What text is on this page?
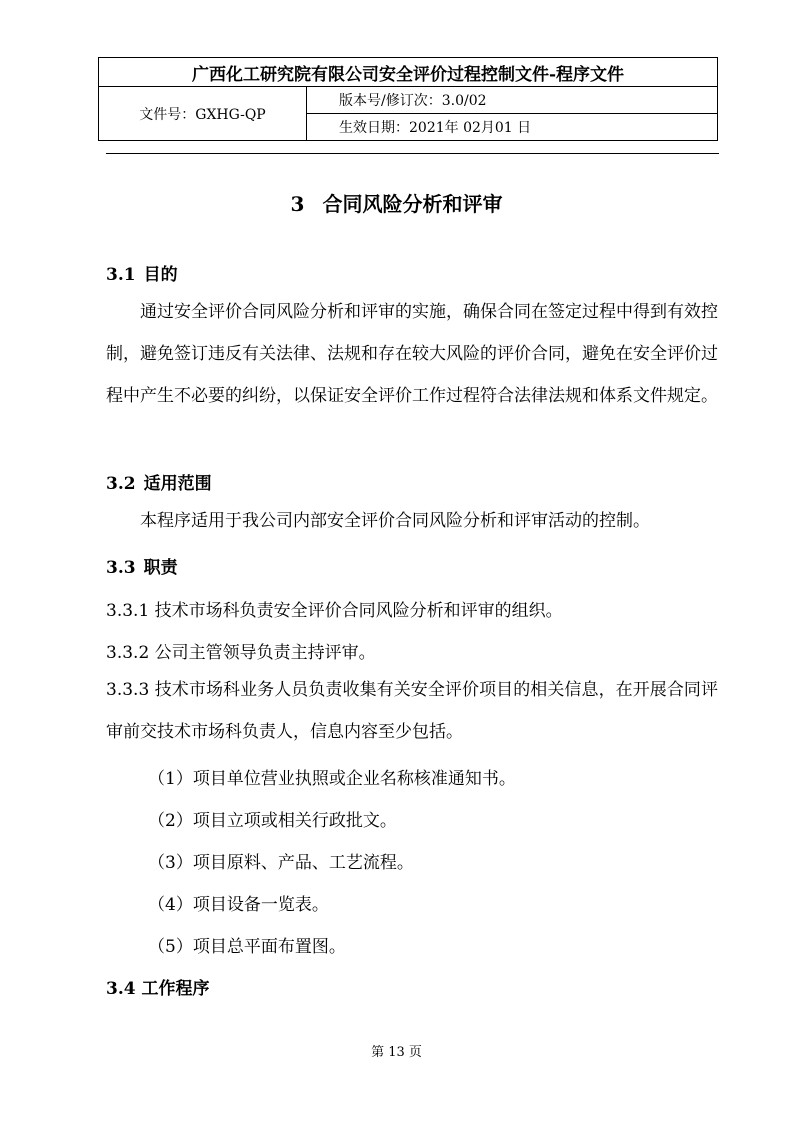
广西化工研究院有限公司安全评价过程控制文件-程序文件
文件号：GXHG-QP	版本号/修订次：3.0/02
生效日期：2021年 02月01 日
3 合同风险分析和评审
3.1 目的
通过安全评价合同风险分析和评审的实施，确保合同在签定过程中得到有效控制，避免签订违反有关法律、法规和存在较大风险的评价合同，避免在安全评价过程中产生不必要的纠纷，以保证安全评价工作过程符合法律法规和体系文件规定。
3.2 适用范围
本程序适用于我公司内部安全评价合同风险分析和评审活动的控制。
3.3 职责
3.3.1 技术市场科负责安全评价合同风险分析和评审的组织。
3.3.2 公司主管领导负责主持评审。
3.3.3 技术市场科业务人员负责收集有关安全评价项目的相关信息，在开展合同评审前交技术市场科负责人，信息内容至少包括。
（1）项目单位营业执照或企业名称核准通知书。
（2）项目立项或相关行政批文。
（3）项目原料、产品、工艺流程。
（4）项目设备一览表。
（5）项目总平面布置图。
3.4 工作程序
第 13 页
